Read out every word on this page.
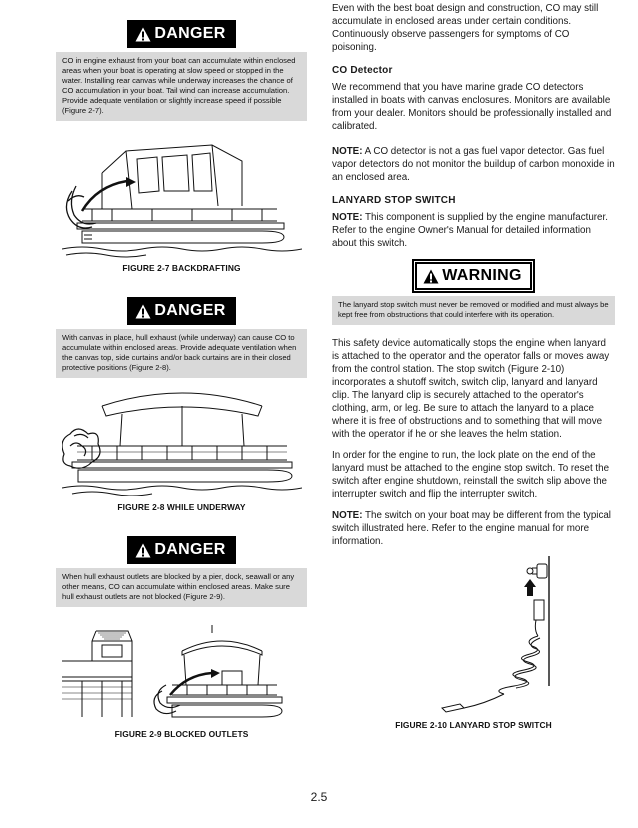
DANGER
CO in engine exhaust from your boat can accumulate within enclosed areas when your boat is operating at slow speed or stopped in the water. Installing rear canvas while underway increases the chance of CO accumulation in your boat. Tail wind can increase accumulation. Provide adequate ventilation or slightly increase speed if possible (Figure 2-7).
FIGURE 2-7 BACKDRAFTING
DANGER
With canvas in place, hull exhaust (while underway) can cause CO to accumulate within enclosed areas. Provide adequate ventilation when the canvas top, side curtains and/or back curtains are in their closed protective positions (Figure 2-8).
FIGURE 2-8 WHILE UNDERWAY
DANGER
When hull exhaust outlets are blocked by a pier, dock, seawall or any other means, CO can accumulate within enclosed areas. Make sure hull exhaust outlets are not blocked (Figure 2-9).
FIGURE 2-9 BLOCKED OUTLETS

Even with the best boat design and construction, CO may still accumulate in enclosed areas under certain conditions. Continuously observe passengers for symptoms of CO poisoning.

CO Detector

We recommend that you have marine grade CO detectors installed in boats with canvas enclosures. Monitors are available from your dealer. Monitors should be professionally installed and calibrated.

NOTE: A CO detector is not a gas fuel vapor detector. Gas fuel vapor detectors do not monitor the buildup of carbon monoxide in an enclosed area.

LANYARD STOP SWITCH

NOTE: This component is supplied by the engine manufacturer. Refer to the engine Owner's Manual for detailed information about this switch.

WARNING
The lanyard stop switch must never be removed or modified and must always be kept free from obstructions that could interfere with its operation.

This safety device automatically stops the engine when lanyard is attached to the operator and the operator falls or moves away from the control station. The stop switch (Figure 2-10) incorporates a shutoff switch, switch clip, lanyard and lanyard clip. The lanyard clip is securely attached to the operator's clothing, arm, or leg. Be sure to attach the lanyard to a place where it is free of obstructions and to something that will move with the operator if he or she leaves the helm station.

In order for the engine to run, the lock plate on the end of the lanyard must be attached to the engine stop switch. To reset the switch after engine shutdown, reinstall the switch slip above the interrupter switch and flip the interrupter switch.

NOTE: The switch on your boat may be different from the typical switch illustrated here. Refer to the engine manual for more information.

FIGURE 2-10 LANYARD STOP SWITCH
2.5
